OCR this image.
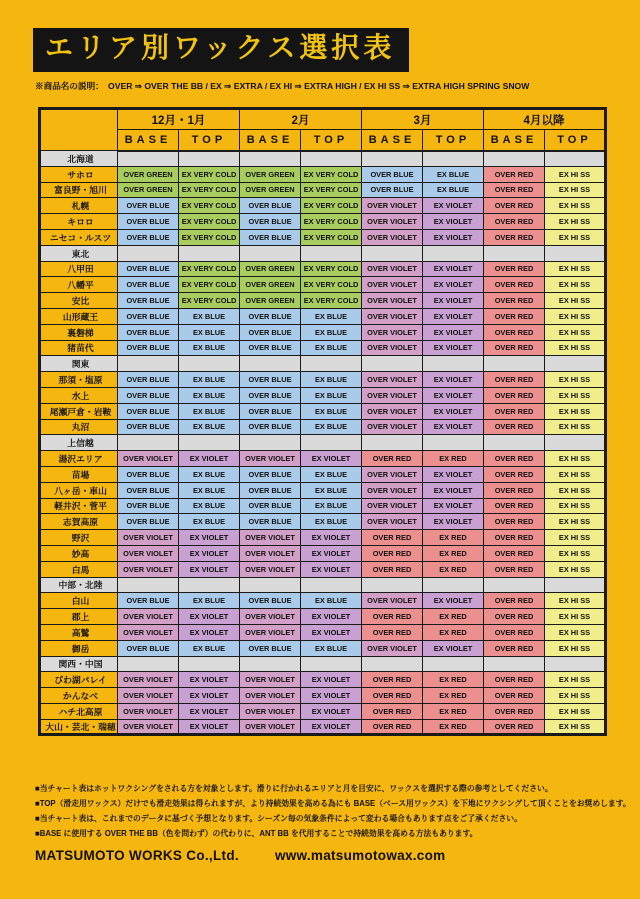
エリア別ワックス選択表
※商品名の説明：　OVER ⇒ OVER THE BB / EX ⇒ EXTRA / EX HI ⇒ EXTRA HIGH / EX HI SS ⇒ EXTRA HIGH SPRING SNOW
	12月・1月		2月		3月		4月以降	
	BASE	TOP	BASE	TOP	BASE	TOP	BASE	TOP
北海道								
サホロ	OVER GREEN	EX VERY COLD	OVER GREEN	EX VERY COLD	OVER BLUE	EX BLUE	OVER RED	EX HI SS
富良野・旭川	OVER GREEN	EX VERY COLD	OVER GREEN	EX VERY COLD	OVER BLUE	EX BLUE	OVER RED	EX HI SS
札幌	OVER BLUE	EX VERY COLD	OVER BLUE	EX VERY COLD	OVER VIOLET	EX VIOLET	OVER RED	EX HI SS
キロロ	OVER BLUE	EX VERY COLD	OVER BLUE	EX VERY COLD	OVER VIOLET	EX VIOLET	OVER RED	EX HI SS
ニセコ・ルスツ	OVER BLUE	EX VERY COLD	OVER BLUE	EX VERY COLD	OVER VIOLET	EX VIOLET	OVER RED	EX HI SS
東北								
八甲田	OVER BLUE	EX VERY COLD	OVER GREEN	EX VERY COLD	OVER VIOLET	EX VIOLET	OVER RED	EX HI SS
八幡平	OVER BLUE	EX VERY COLD	OVER GREEN	EX VERY COLD	OVER VIOLET	EX VIOLET	OVER RED	EX HI SS
安比	OVER BLUE	EX VERY COLD	OVER GREEN	EX VERY COLD	OVER VIOLET	EX VIOLET	OVER RED	EX HI SS
山形蔵王	OVER BLUE	EX BLUE	OVER BLUE	EX BLUE	OVER VIOLET	EX VIOLET	OVER RED	EX HI SS
裏磐梯	OVER BLUE	EX BLUE	OVER BLUE	EX BLUE	OVER VIOLET	EX VIOLET	OVER RED	EX HI SS
猪苗代	OVER BLUE	EX BLUE	OVER BLUE	EX BLUE	OVER VIOLET	EX VIOLET	OVER RED	EX HI SS
関東								
那須・塩原	OVER BLUE	EX BLUE	OVER BLUE	EX BLUE	OVER VIOLET	EX VIOLET	OVER RED	EX HI SS
水上	OVER BLUE	EX BLUE	OVER BLUE	EX BLUE	OVER VIOLET	EX VIOLET	OVER RED	EX HI SS
尾瀬戸倉・岩鞍	OVER BLUE	EX BLUE	OVER BLUE	EX BLUE	OVER VIOLET	EX VIOLET	OVER RED	EX HI SS
丸沼	OVER BLUE	EX BLUE	OVER BLUE	EX BLUE	OVER VIOLET	EX VIOLET	OVER RED	EX HI SS
上信越								
湯沢エリア	OVER VIOLET	EX VIOLET	OVER VIOLET	EX VIOLET	OVER RED	EX RED	OVER RED	EX HI SS
苗場	OVER BLUE	EX BLUE	OVER BLUE	EX BLUE	OVER VIOLET	EX VIOLET	OVER RED	EX HI SS
八ヶ岳・車山	OVER BLUE	EX BLUE	OVER BLUE	EX BLUE	OVER VIOLET	EX VIOLET	OVER RED	EX HI SS
軽井沢・菅平	OVER BLUE	EX BLUE	OVER BLUE	EX BLUE	OVER VIOLET	EX VIOLET	OVER RED	EX HI SS
志賀高原	OVER BLUE	EX BLUE	OVER BLUE	EX BLUE	OVER VIOLET	EX VIOLET	OVER RED	EX HI SS
野沢	OVER VIOLET	EX VIOLET	OVER VIOLET	EX VIOLET	OVER RED	EX RED	OVER RED	EX HI SS
妙高	OVER VIOLET	EX VIOLET	OVER VIOLET	EX VIOLET	OVER RED	EX RED	OVER RED	EX HI SS
白馬	OVER VIOLET	EX VIOLET	OVER VIOLET	EX VIOLET	OVER RED	EX RED	OVER RED	EX HI SS
中部・北陸								
白山	OVER BLUE	EX BLUE	OVER BLUE	EX BLUE	OVER VIOLET	EX VIOLET	OVER RED	EX HI SS
郡上	OVER VIOLET	EX VIOLET	OVER VIOLET	EX VIOLET	OVER RED	EX RED	OVER RED	EX HI SS
高鷲	OVER VIOLET	EX VIOLET	OVER VIOLET	EX VIOLET	OVER RED	EX RED	OVER RED	EX HI SS
御岳	OVER BLUE	EX BLUE	OVER BLUE	EX BLUE	OVER VIOLET	EX VIOLET	OVER RED	EX HI SS
関西・中国								
びわ湖バレイ	OVER VIOLET	EX VIOLET	OVER VIOLET	EX VIOLET	OVER RED	EX RED	OVER RED	EX HI SS
かんなべ	OVER VIOLET	EX VIOLET	OVER VIOLET	EX VIOLET	OVER RED	EX RED	OVER RED	EX HI SS
ハチ北高原	OVER VIOLET	EX VIOLET	OVER VIOLET	EX VIOLET	OVER RED	EX RED	OVER RED	EX HI SS
大山・芸北・瑞穂	OVER VIOLET	EX VIOLET	OVER VIOLET	EX VIOLET	OVER RED	EX RED	OVER RED	EX HI SS
■当チャート表はホットワクシングをされる方を対象とします。滑りに行かれるエリアと月を目安に、ワックスを選択する際の参考としてください。
■TOP（滑走用ワックス）だけでも滑走効果は得られますが、より持続効果を高める為にも BASE（ベース用ワックス）を下地にワクシングして頂くことをお奨めします。
■当チャート表は、これまでのデータに基づく予想となります。シーズン毎の気象条件によって変わる場合もあります点をご了承ください。
■BASE に使用する OVER THE BB（色を問わず）の代わりに、ANT BB を代用することで持続効果を高める方法もあります。
MATSUMOTO WORKS Co.,Ltd.	www.matsumotowax.com
